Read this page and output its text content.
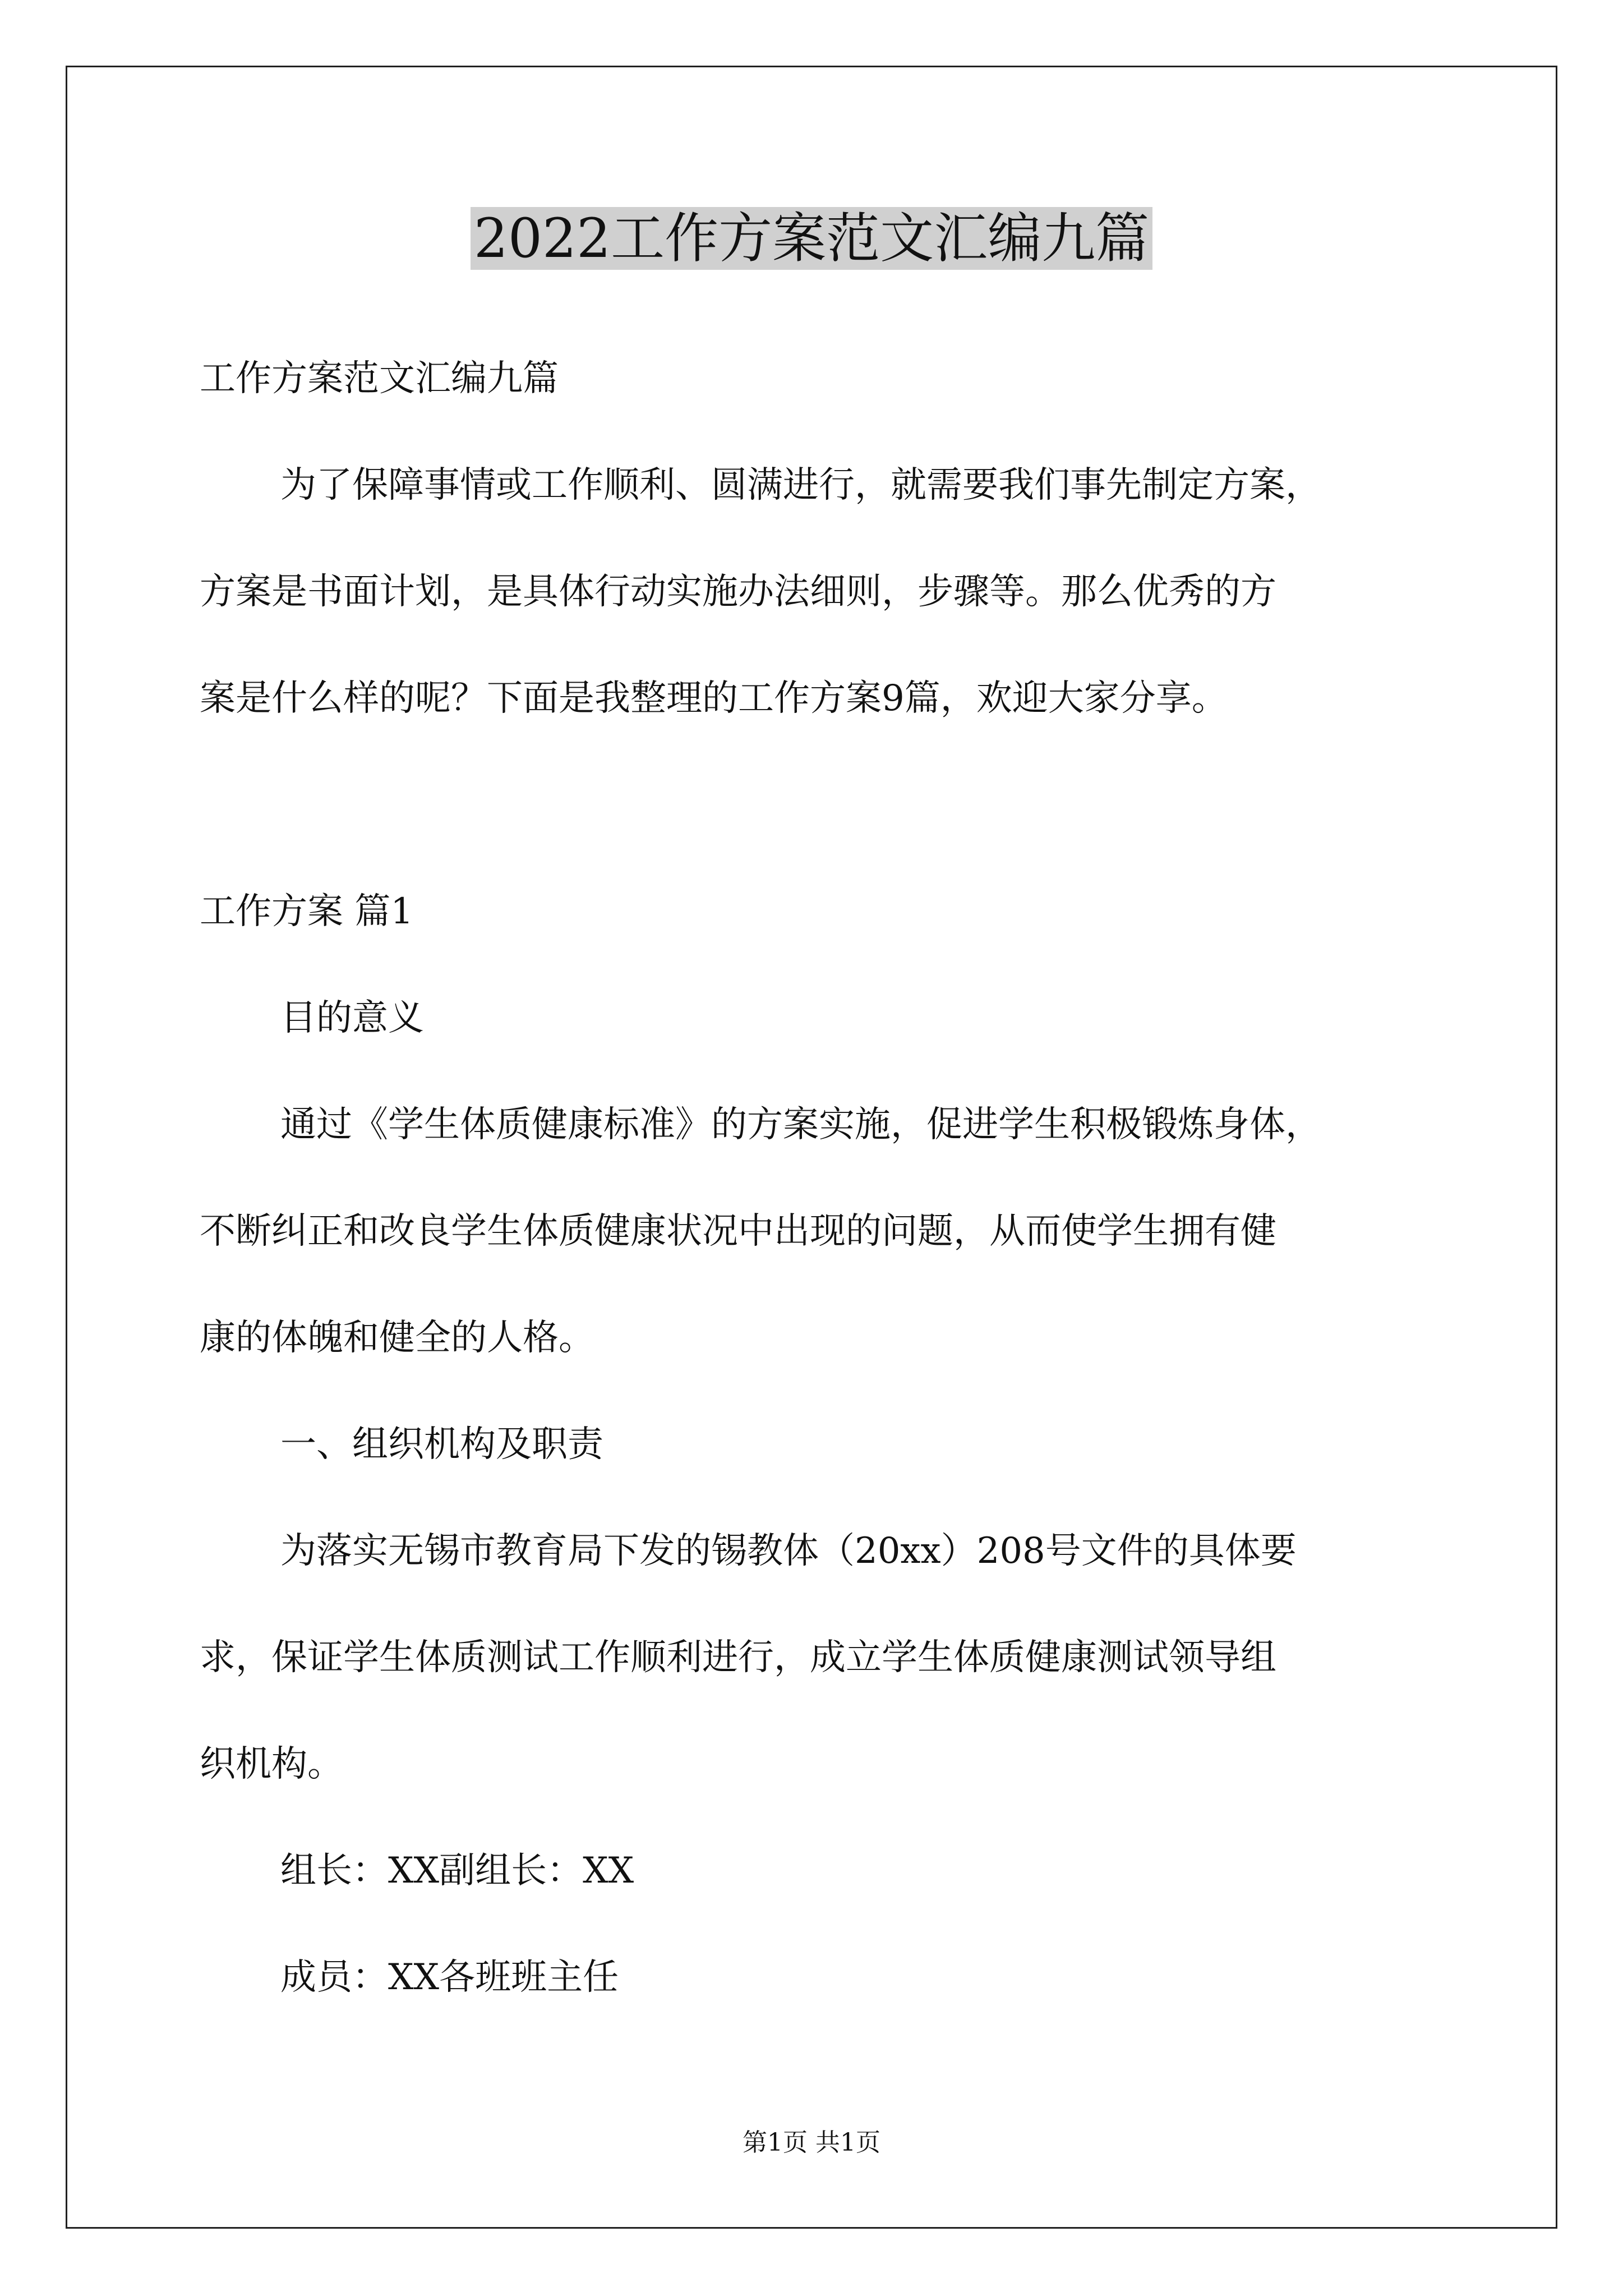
2022工作方案范文汇编九篇
工作方案范文汇编九篇
为了保障事情或工作顺利、圆满进行，就需要我们事先制定方案，
方案是书面计划，是具体行动实施办法细则，步骤等。那么优秀的方
案是什么样的呢？下面是我整理的工作方案9篇，欢迎大家分享。
工作方案 篇1
目的意义
通过《学生体质健康标准》的方案实施，促进学生积极锻炼身体，
不断纠正和改良学生体质健康状况中出现的问题，从而使学生拥有健
康的体魄和健全的人格。
一、组织机构及职责
为落实无锡市教育局下发的锡教体（20xx）208号文件的具体要
求，保证学生体质测试工作顺利进行，成立学生体质健康测试领导组
织机构。
组长：XX副组长：XX
成员：XX各班班主任
第1页 共1页
